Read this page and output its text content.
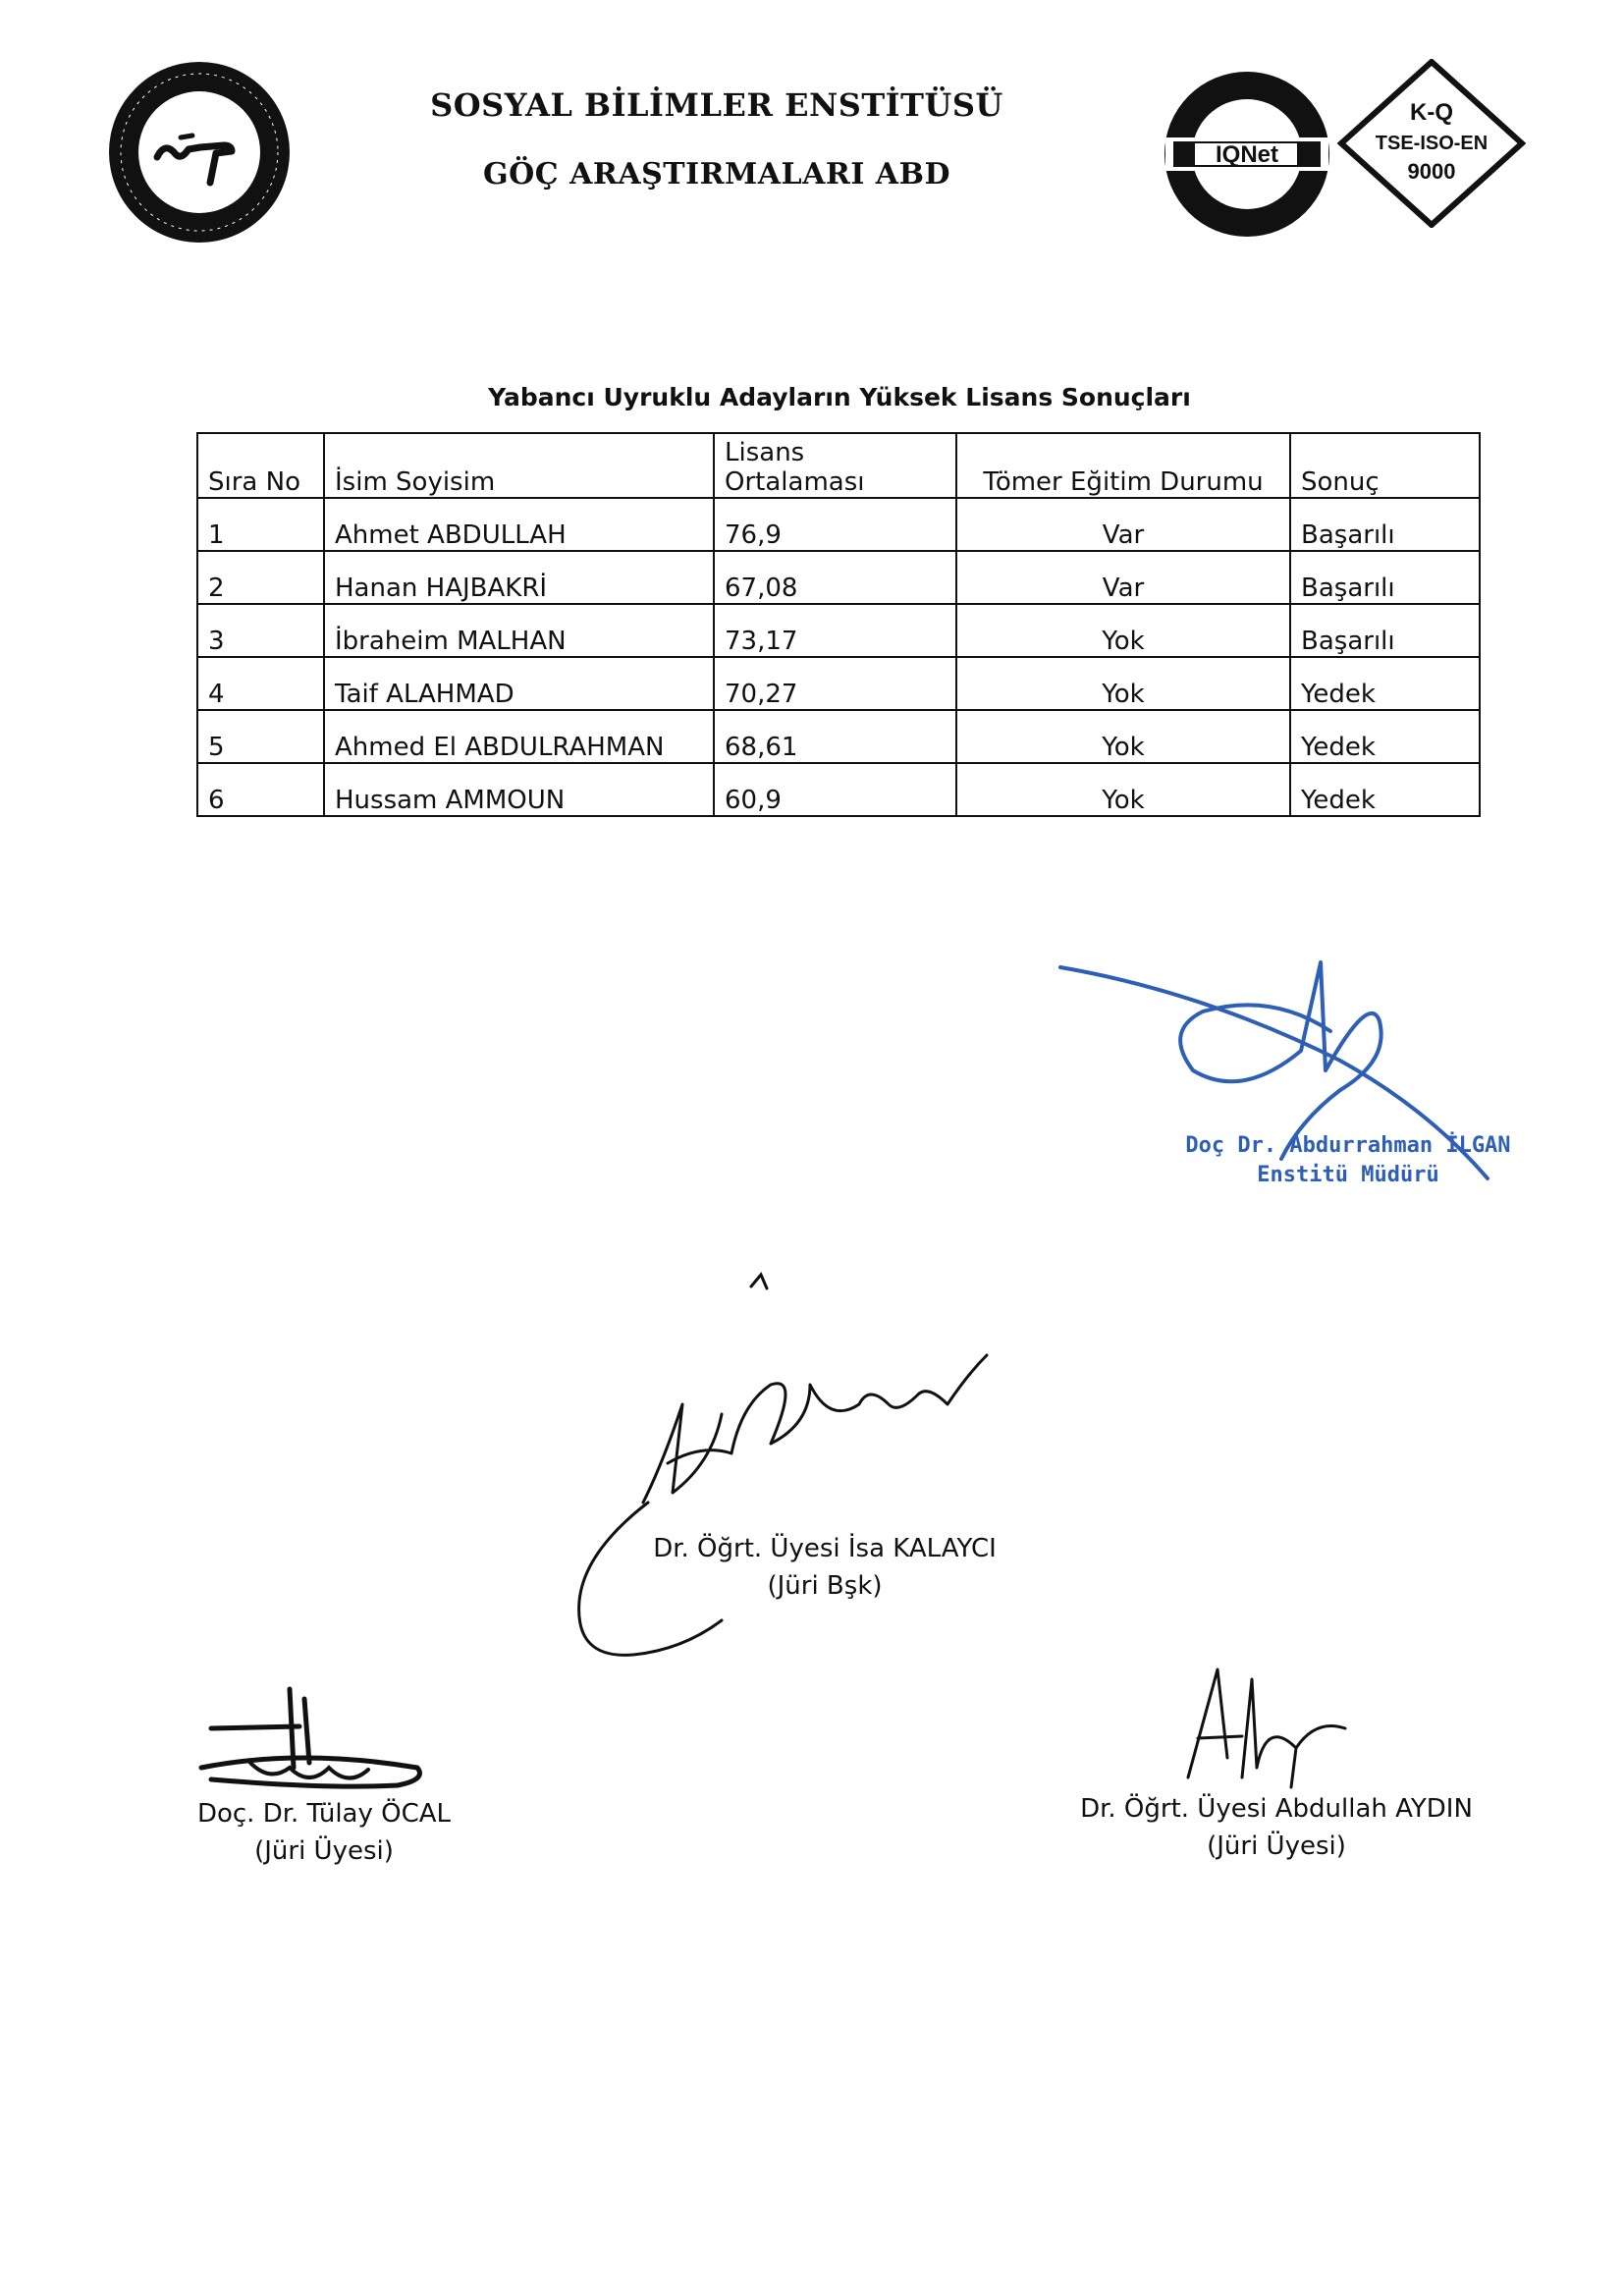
SOSYAL BİLİMLER ENSTİTÜSÜ
GÖÇ ARAŞTIRMALARI ABD
IQNet
K-Q
TSE-ISO-EN
9000
Yabancı Uyruklu Adayların Yüksek Lisans Sonuçları
Sıra No	İsim Soyisim	Lisans Ortalaması	Tömer Eğitim Durumu	Sonuç
1	Ahmet ABDULLAH	76,9	Var	Başarılı
2	Hanan HAJBAKRİ	67,08	Var	Başarılı
3	İbraheim MALHAN	73,17	Yok	Başarılı
4	Taif ALAHMAD	70,27	Yok	Yedek
5	Ahmed El ABDULRAHMAN	68,61	Yok	Yedek
6	Hussam AMMOUN	60,9	Yok	Yedek
Doç Dr. Abdurrahman İLGAN
Enstitü Müdürü
Dr. Öğrt. Üyesi İsa KALAYCI
(Jüri Bşk)
Doç. Dr. Tülay ÖCAL
(Jüri Üyesi)
Dr. Öğrt. Üyesi Abdullah AYDIN
(Jüri Üyesi)
